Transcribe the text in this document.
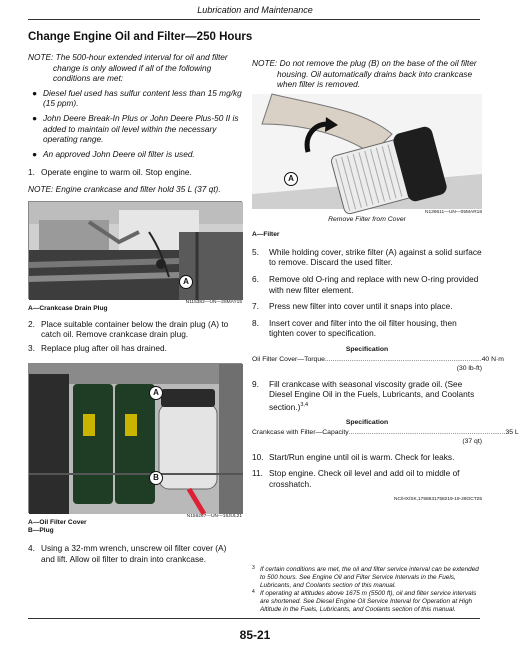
Lubrication and Maintenance
Change Engine Oil and Filter—250 Hours
NOTE: The 500-hour extended interval for oil and filter change is only allowed if all of the following conditions are met:
● Diesel fuel used has sulfur content less than 15 mg/kg (15 ppm).
● John Deere Break-In Plus or John Deere Plus-50 II is added to maintain oil level within the necessary operating range.
● An approved John Deere oil filter is used.
1. Operate engine to warm oil. Stop engine.
NOTE: Engine crankcase and filter hold 35 L (37 qt).
A
N115382—UN—28MAY15
A—Crankcase Drain Plug
2. Place suitable container below the drain plug (A) to catch oil. Remove crankcase drain plug.
3. Replace plug after oil has drained.
A
B
N156267—UN—16JUL21
A—Oil Filter Cover
B—Plug
4. Using a 32-mm wrench, unscrew oil filter cover (A) and lift. Allow oil filter to drain into crankcase.
NOTE: Do not remove the plug (B) on the base of the oil filter housing. Oil automatically drains back into crankcase when filter is removed.
A
N136611—UN—05MAR18
Remove Filter from Cover
A—Filter
5. While holding cover, strike filter (A) against a solid surface to remove. Discard the used filter.
6. Remove old O-ring and replace with new O-ring provided with new filter element.
7. Press new filter into cover until it snaps into place.
8. Insert cover and filter into the oil filter housing, then tighten cover to specification.
Specification
Oil Filter Cover—Torque ................................................................................... 40 N·m
(30 lb-ft)
9. Fill crankcase with seasonal viscosity grade oil. (See Diesel Engine Oil in the Fuels, Lubricants, and Coolants section.)$^{3,4}$
Specification
Crankcase with Filter—Capacity ................................................................................... 35 L
(37 qt)
10. Start/Run engine until oil is warm. Check for leaks.
11. Stop engine. Check oil level and add oil to middle of crosshatch.
NC/HX/SK,1758631758219-19-28OCT25
3 If certain conditions are met, the oil and filter service interval can be extended to 500 hours. See Engine Oil and Filter Service Intervals in the Fuels, Lubricants, and Coolants section of this manual.
4 If operating at altitudes above 1675 m (5500 ft), oil and filter service intervals are shortened. See Diesel Engine Oil Service Interval for Operation at High Altitude in the Fuels, Lubricants, and Coolants section of this manual.
85-21
